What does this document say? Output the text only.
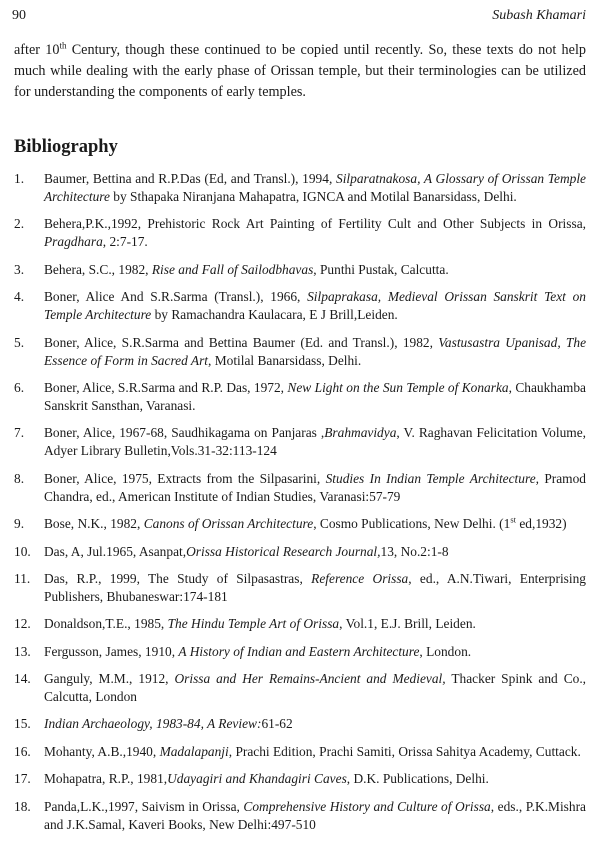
90	Subash Khamari

after 10th Century, though these continued to be copied until recently. So, these texts do not help much while dealing with the early phase of Orissan temple, but their terminologies can be utilized for understanding the components of early temples.

Bibliography
1.	Baumer, Bettina and R.P.Das (Ed, and Transl.), 1994, Silparatnakosa, A Glossary of Orissan Temple Architecture by Sthapaka Niranjana Mahapatra, IGNCA and Motilal Banarsidass, Delhi.
2.	Behera,P.K.,1992, Prehistoric Rock Art Painting of Fertility Cult and Other Subjects in Orissa, Pragdhara, 2:7-17.
3.	Behera, S.C., 1982, Rise and Fall of Sailodbhavas, Punthi Pustak, Calcutta.
4.	Boner, Alice And S.R.Sarma (Transl.), 1966, Silpaprakasa, Medieval Orissan Sanskrit Text on Temple Architecture by Ramachandra Kaulacara, E J Brill,Leiden.
5.	Boner, Alice, S.R.Sarma and Bettina Baumer (Ed. and Transl.), 1982, Vastusastra Upanisad, The Essence of Form in Sacred Art, Motilal Banarsidass, Delhi.
6.	Boner, Alice, S.R.Sarma and R.P. Das, 1972, New Light on the Sun Temple of Konarka, Chaukhamba Sanskrit Sansthan, Varanasi.
7.	Boner, Alice, 1967-68, Saudhikagama on Panjaras ,Brahmavidya, V. Raghavan Felicitation Volume, Adyer Library Bulletin,Vols.31-32:113-124
8.	Boner, Alice, 1975, Extracts from the Silpasarini, Studies In Indian Temple Architecture, Pramod Chandra, ed., American Institute of Indian Studies, Varanasi:57-79
9.	Bose, N.K., 1982, Canons of Orissan Architecture, Cosmo Publications, New Delhi. (1st ed,1932)
10. Das, A, Jul.1965, Asanpat,Orissa Historical Research Journal,13, No.2:1-8
11.	Das, R.P., 1999, The Study of Silpasastras, Reference Orissa, ed., A.N.Tiwari, Enterprising Publishers, Bhubaneswar:174-181
12. Donaldson,T.E., 1985, The Hindu Temple Art of Orissa, Vol.1, E.J. Brill, Leiden.
13. Fergusson, James, 1910, A History of Indian and Eastern Architecture, London.
14. Ganguly, M.M., 1912, Orissa and Her Remains-Ancient and Medieval, Thacker Spink and Co., Calcutta, London
15. Indian Archaeology, 1983-84, A Review:61-62
16. Mohanty, A.B.,1940, Madalapanji, Prachi Edition, Prachi Samiti, Orissa Sahitya Academy, Cuttack.
17. Mohapatra, R.P., 1981,Udayagiri and Khandagiri Caves, D.K. Publications, Delhi.
18. Panda,L.K.,1997, Saivism in Orissa, Comprehensive History and Culture of Orissa, eds., P.K.Mishra and J.K.Samal, Kaveri Books, New Delhi:497-510
